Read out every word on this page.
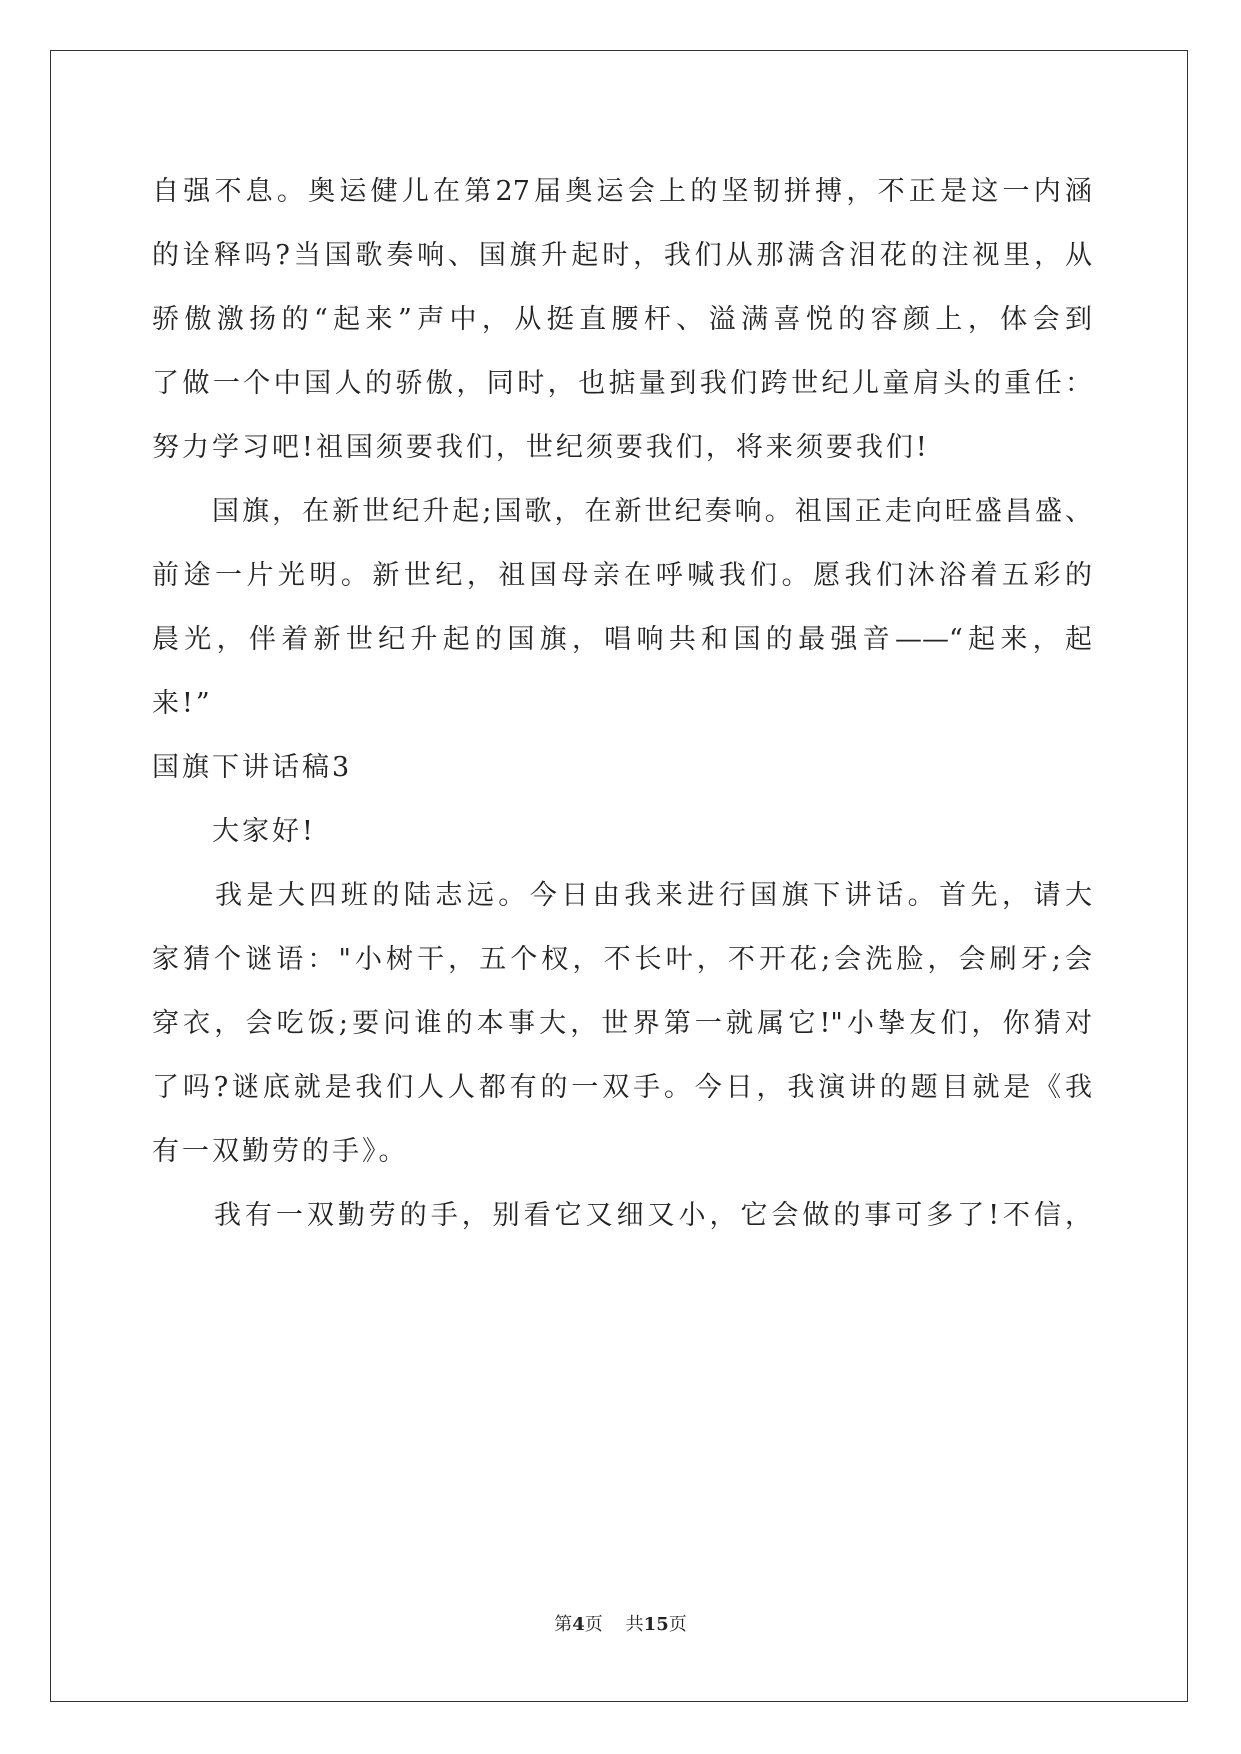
自强不息。奥运健儿在第27届奥运会上的坚韧拼搏，不正是这一内涵

的诠释吗?当国歌奏响、国旗升起时，我们从那满含泪花的注视里，从

骄傲激扬的“起来”声中，从挺直腰杆、溢满喜悦的容颜上，体会到

了做一个中国人的骄傲，同时，也掂量到我们跨世纪儿童肩头的重任：

努力学习吧!祖国须要我们，世纪须要我们，将来须要我们!

　　国旗，在新世纪升起;国歌，在新世纪奏响。祖国正走向旺盛昌盛、

前途一片光明。新世纪，祖国母亲在呼喊我们。愿我们沐浴着五彩的

晨光，伴着新世纪升起的国旗，唱响共和国的最强音——“起来，起

来!”

国旗下讲话稿3

　　大家好!

　　我是大四班的陆志远。今日由我来进行国旗下讲话。首先，请大

家猜个谜语："小树干，五个杈，不长叶，不开花;会洗脸，会刷牙;会

穿衣，会吃饭;要问谁的本事大，世界第一就属它!"小挚友们，你猜对

了吗?谜底就是我们人人都有的一双手。今日，我演讲的题目就是《我

有一双勤劳的手》。

　　我有一双勤劳的手，别看它又细又小，它会做的事可多了!不信，

第4页 共15页
